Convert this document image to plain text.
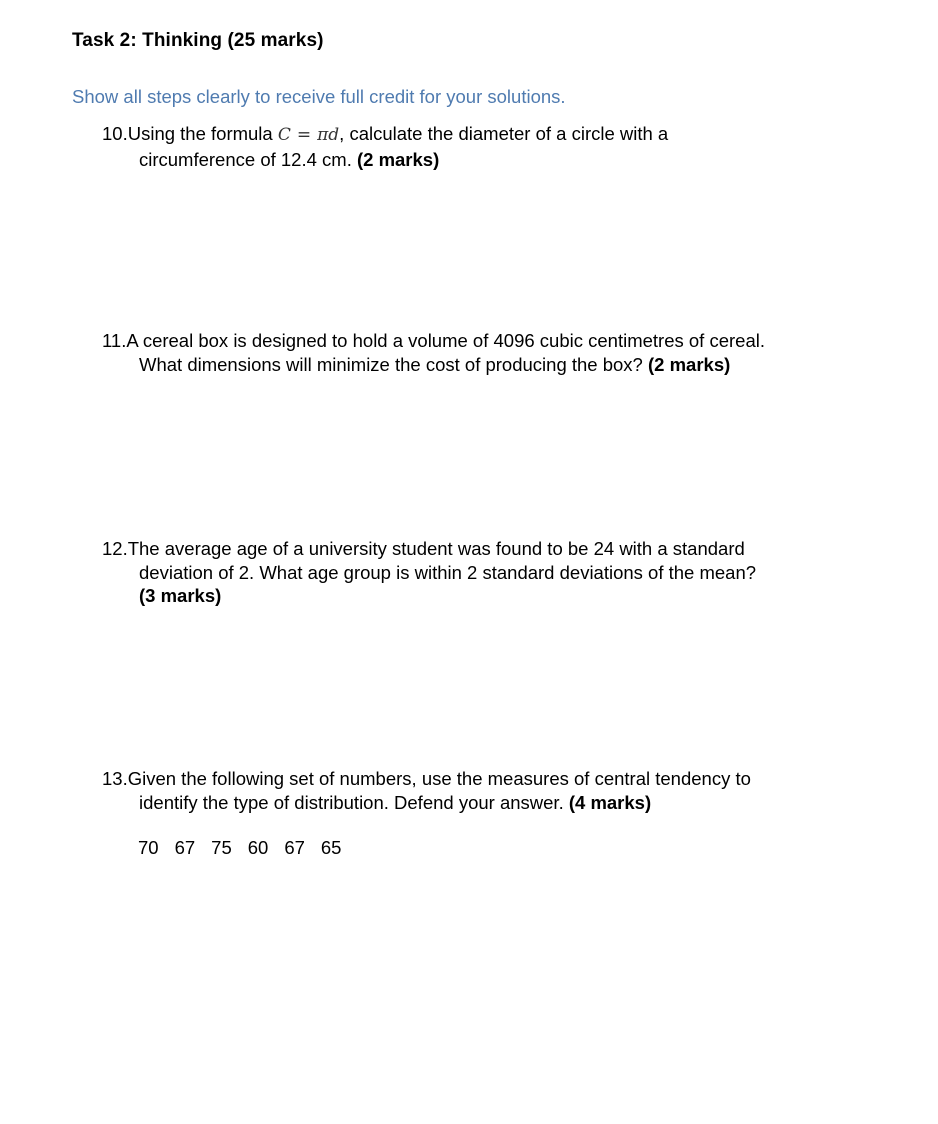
Task 2: Thinking (25 marks)
Show all steps clearly to receive full credit for your solutions.
10.Using the formula C = πd, calculate the diameter of a circle with a
circumference of 12.4 cm. (2 marks)
11.A cereal box is designed to hold a volume of 4096 cubic centimetres of cereal.
What dimensions will minimize the cost of producing the box? (2 marks)
12.The average age of a university student was found to be 24 with a standard
deviation of 2. What age group is within 2 standard deviations of the mean?
(3 marks)
13.Given the following set of numbers, use the measures of central tendency to
identify the type of distribution. Defend your answer. (4 marks)
70 67 75 60 67 65
